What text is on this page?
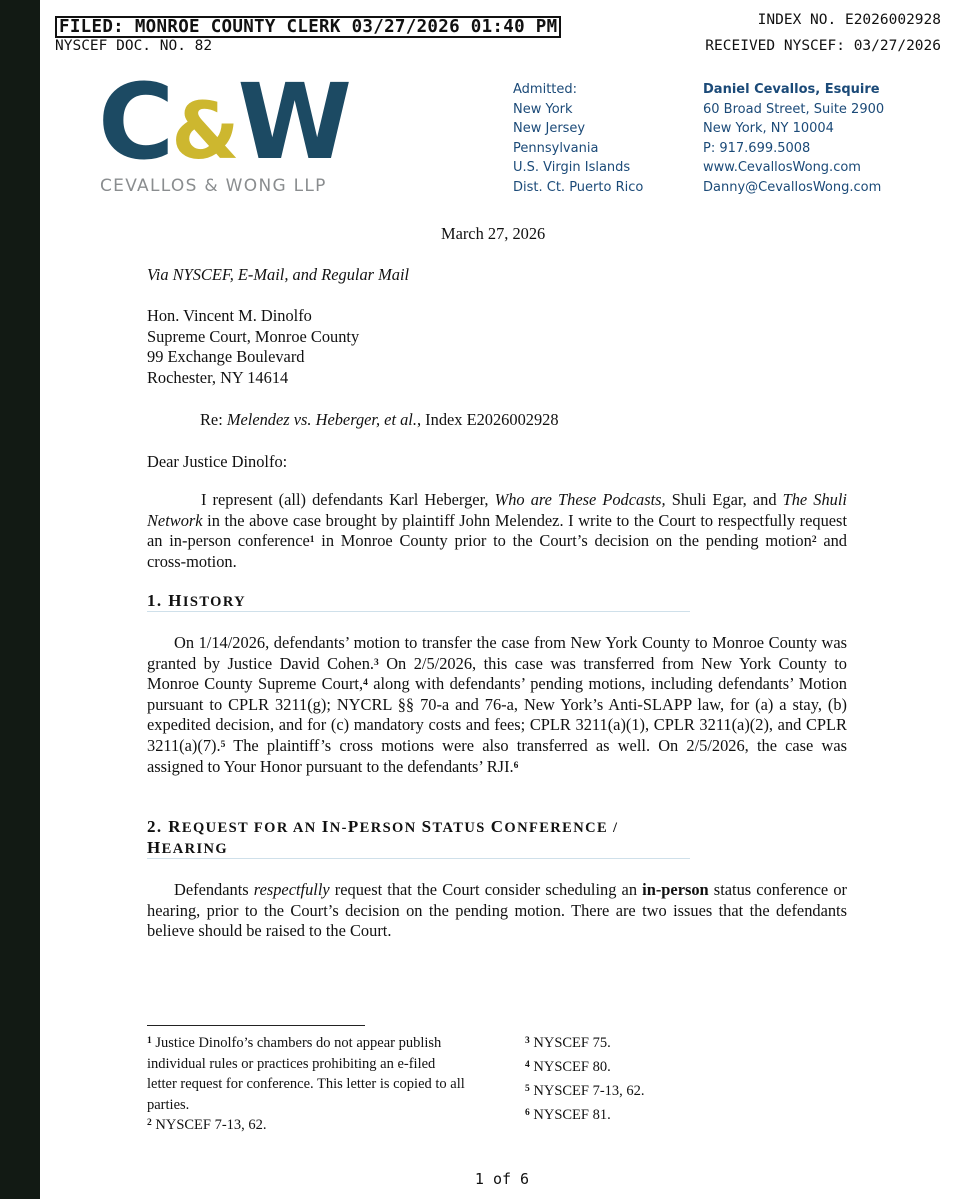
FILED: MONROE COUNTY CLERK 03/27/2026 01:40 PM	INDEX NO. E2026002928
NYSCEF DOC. NO. 82	RECEIVED NYSCEF: 03/27/2026
C&W
CEVALLOS & WONG LLP
Admitted:
New York
New Jersey
Pennsylvania
U.S. Virgin Islands
Dist. Ct. Puerto Rico
Daniel Cevallos, Esquire
60 Broad Street, Suite 2900
New York, NY 10004
P: 917.699.5008
www.CevallosWong.com
Danny@CevallosWong.com
March 27, 2026
Via NYSCEF, E-Mail, and Regular Mail
Hon. Vincent M. Dinolfo
Supreme Court, Monroe County
99 Exchange Boulevard
Rochester, NY 14614
Re: Melendez vs. Heberger, et al., Index E2026002928
Dear Justice Dinolfo:
I represent (all) defendants Karl Heberger, Who are These Podcasts, Shuli Egar, and The Shuli Network in the above case brought by plaintiff John Melendez. I write to the Court to respectfully request an in-person conference$^1$ in Monroe County prior to the Court’s decision on the pending motion$^2$ and cross-motion.
1. HISTORY
On 1/14/2026, defendants’ motion to transfer the case from New York County to Monroe County was granted by Justice David Cohen.$^3$ On 2/5/2026, this case was transferred from New York County to Monroe County Supreme Court,$^4$ along with defendants’ pending motions, including defendants’ Motion pursuant to CPLR 3211(g); NYCRL §§ 70-a and 76-a, New York’s Anti-SLAPP law, for (a) a stay, (b) expedited decision, and for (c) mandatory costs and fees; CPLR 3211(a)(1), CPLR 3211(a)(2), and CPLR 3211(a)(7).$^5$ The plaintiff’s cross motions were also transferred as well. On 2/5/2026, the case was assigned to Your Honor pursuant to the defendants’ RJI.$^6$
2. REQUEST FOR AN IN-PERSON STATUS CONFERENCE /
HEARING
Defendants respectfully request that the Court consider scheduling an in-person status conference or hearing, prior to the Court’s decision on the pending motion. There are two issues that the defendants believe should be raised to the Court.
$^1$ Justice Dinolfo’s chambers do not appear publish individual rules or practices prohibiting an e-filed letter request for conference. This letter is copied to all parties.
$^2$ NYSCEF 7-13, 62.
$^3$ NYSCEF 75.
$^4$ NYSCEF 80.
$^5$ NYSCEF 7-13, 62.
$^6$ NYSCEF 81.
1 of 6
